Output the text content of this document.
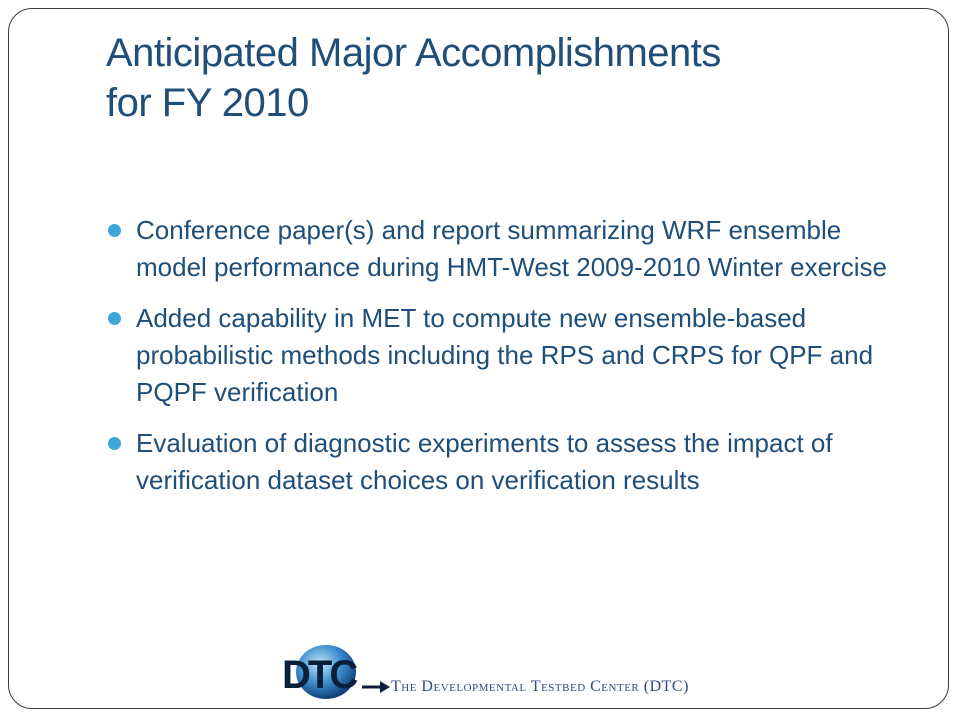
Anticipated Major Accomplishments
for FY 2010
Conference paper(s) and report summarizing WRF ensemble model performance during HMT-West 2009-2010 Winter exercise
Added capability in MET to compute new ensemble-based probabilistic methods including the RPS and CRPS for QPF and PQPF verification
Evaluation of diagnostic experiments to assess the impact of verification dataset choices on verification results
DTC The Developmental Testbed Center (DTC)
